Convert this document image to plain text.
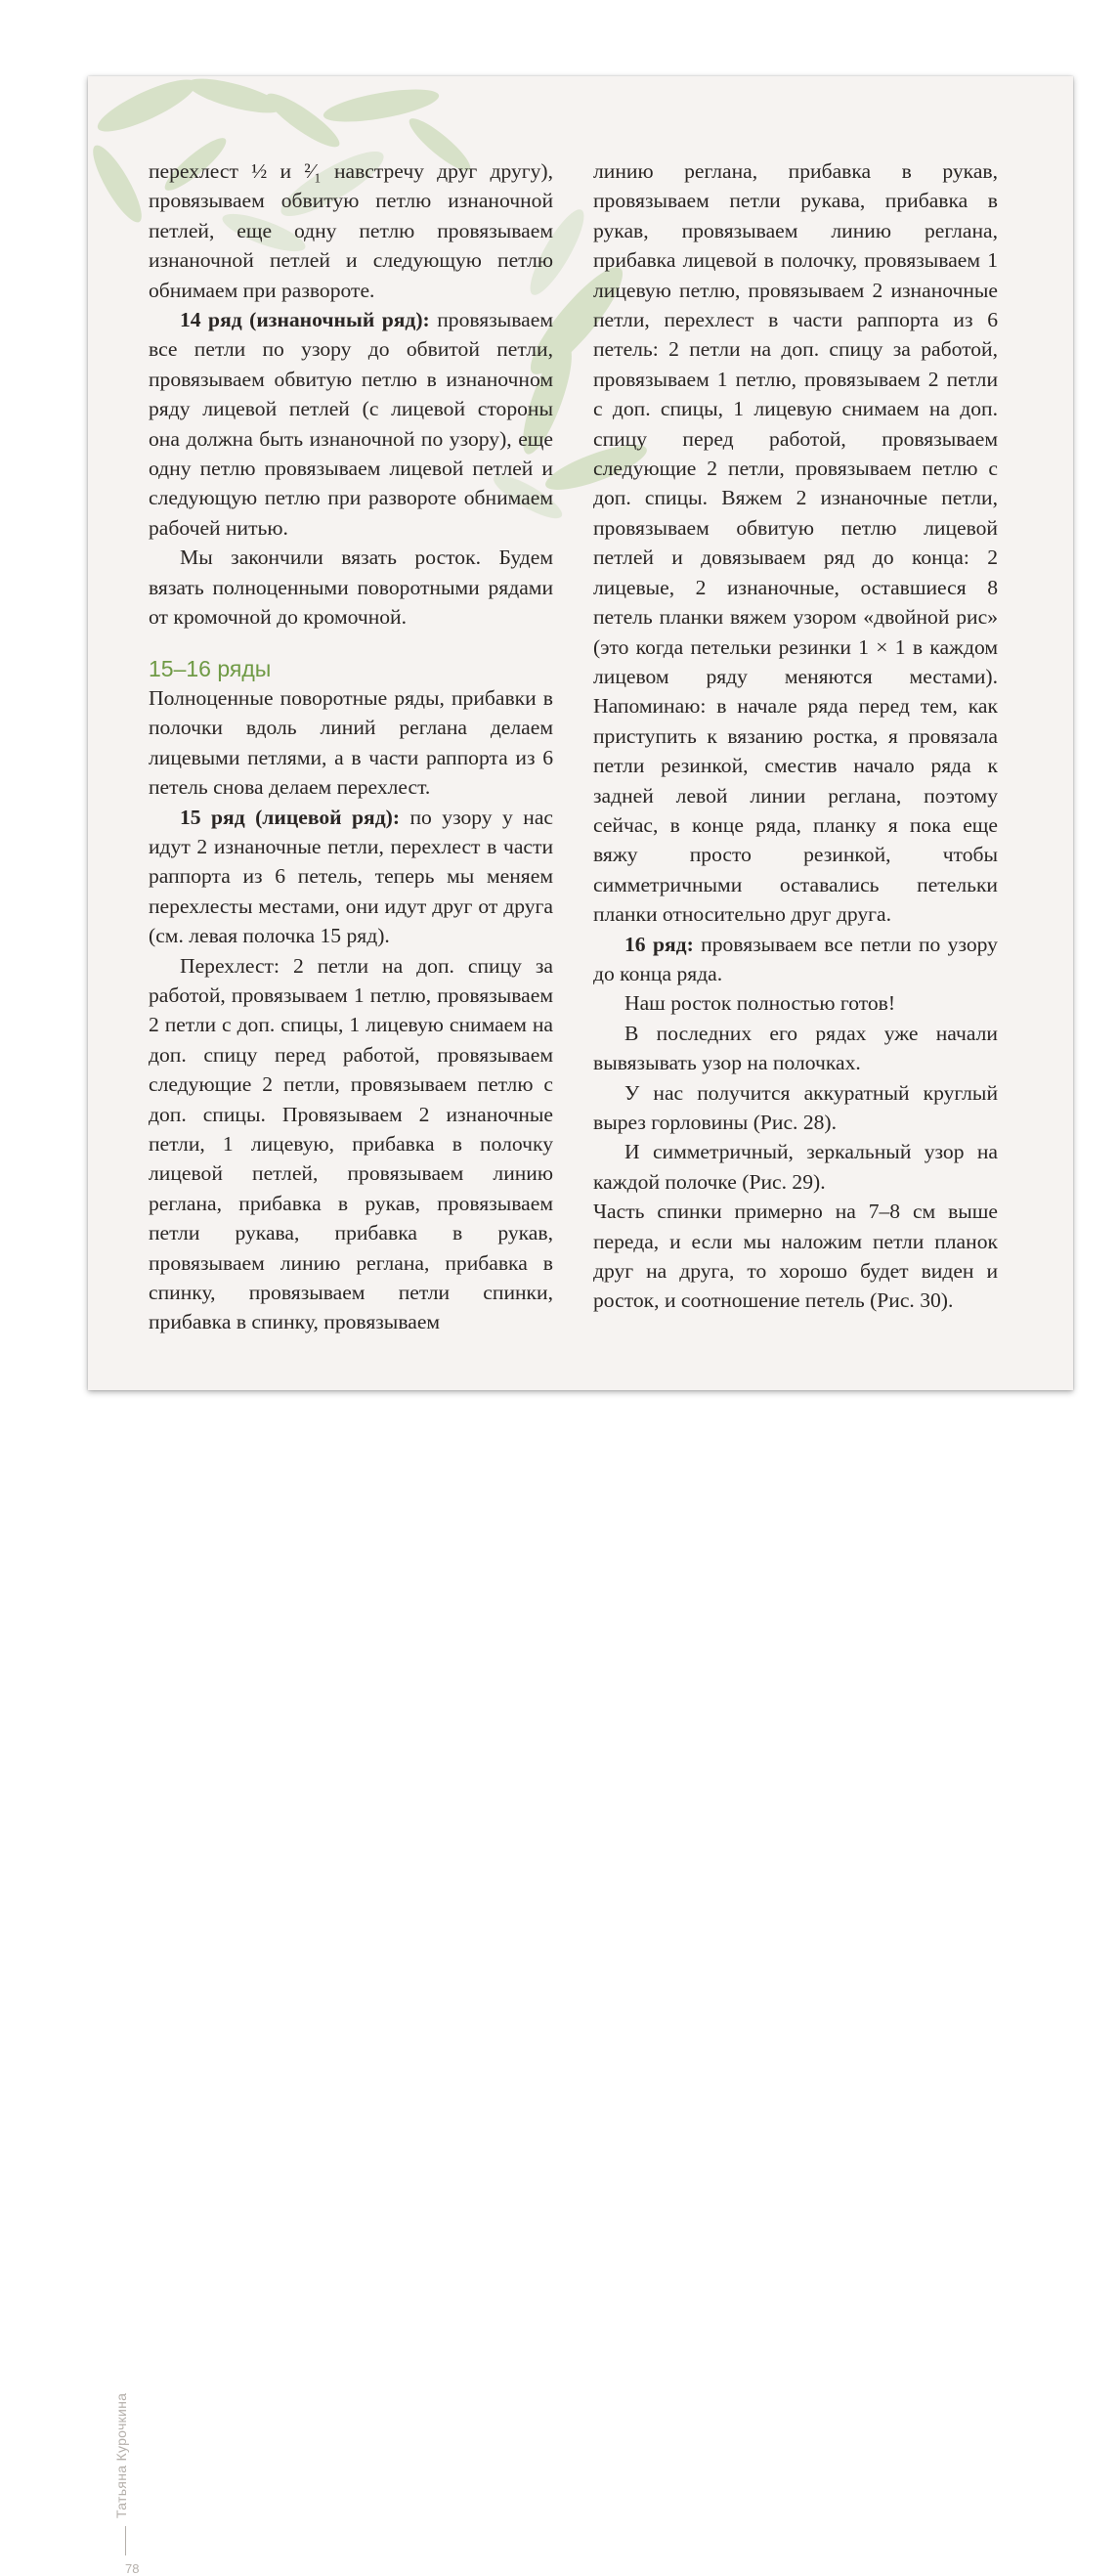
Татьяна Курочкина
78

перехлест ½ и ²⁄₁ навстречу друг другу), провязываем обвитую петлю изнаночной петлей, еще одну петлю провязываем изнаночной петлей и следующую петлю обнимаем при развороте.

14 ряд (изнаночный ряд): провязываем все петли по узору до обвитой петли, провязываем обвитую петлю в изнаночном ряду лицевой петлей (с лицевой стороны она должна быть изнаночной по узору), еще одну петлю провязываем лицевой петлей и следующую петлю при развороте обнимаем рабочей нитью.

Мы закончили вязать росток. Будем вязать полноценными поворотными рядами от кромочной до кромочной.

15–16 ряды

Полноценные поворотные ряды, прибавки в полочки вдоль линий реглана делаем лицевыми петлями, а в части раппорта из 6 петель снова делаем перехлест.

15 ряд (лицевой ряд): по узору у нас идут 2 изнаночные петли, перехлест в части раппорта из 6 петель, теперь мы меняем перехлесты местами, они идут друг от друга (см. левая полочка 15 ряд).

Перехлест: 2 петли на доп. спицу за работой, провязываем 1 петлю, провязываем 2 петли с доп. спицы, 1 лицевую снимаем на доп. спицу перед работой, провязываем следующие 2 петли, провязываем петлю с доп. спицы. Провязываем 2 изнаночные петли, 1 лицевую, прибавка в полочку лицевой петлей, провязываем линию реглана, прибавка в рукав, провязываем петли рукава, прибавка в рукав, провязываем линию реглана, прибавка в спинку, провязываем петли спинки, прибавка в спинку, провязываем

линию реглана, прибавка в рукав, провязываем петли рукава, прибавка в рукав, провязываем линию реглана, прибавка лицевой в полочку, провязываем 1 лицевую петлю, провязываем 2 изнаночные петли, перехлест в части раппорта из 6 петель: 2 петли на доп. спицу за работой, провязываем 1 петлю, провязываем 2 петли с доп. спицы, 1 лицевую снимаем на доп. спицу перед работой, провязываем следующие 2 петли, провязываем петлю с доп. спицы. Вяжем 2 изнаночные петли, провязываем обвитую петлю лицевой петлей и довязываем ряд до конца: 2 лицевые, 2 изнаночные, оставшиеся 8 петель планки вяжем узором «двойной рис» (это когда петельки резинки 1 × 1 в каждом лицевом ряду меняются местами). Напоминаю: в начале ряда перед тем, как приступить к вязанию ростка, я провязала петли резинкой, сместив начало ряда к задней левой линии реглана, поэтому сейчас, в конце ряда, планку я пока еще вяжу просто резинкой, чтобы симметричными оставались петельки планки относительно друг друга.

16 ряд: провязываем все петли по узору до конца ряда.

Наш росток полностью готов!

В последних его рядах уже начали вывязывать узор на полочках.

У нас получится аккуратный круглый вырез горловины (Рис. 28).

И симметричный, зеркальный узор на каждой полочке (Рис. 29).

Часть спинки примерно на 7–8 см выше переда, и если мы наложим петли планок друг на друга, то хорошо будет виден и росток, и соотношение петель (Рис. 30).
